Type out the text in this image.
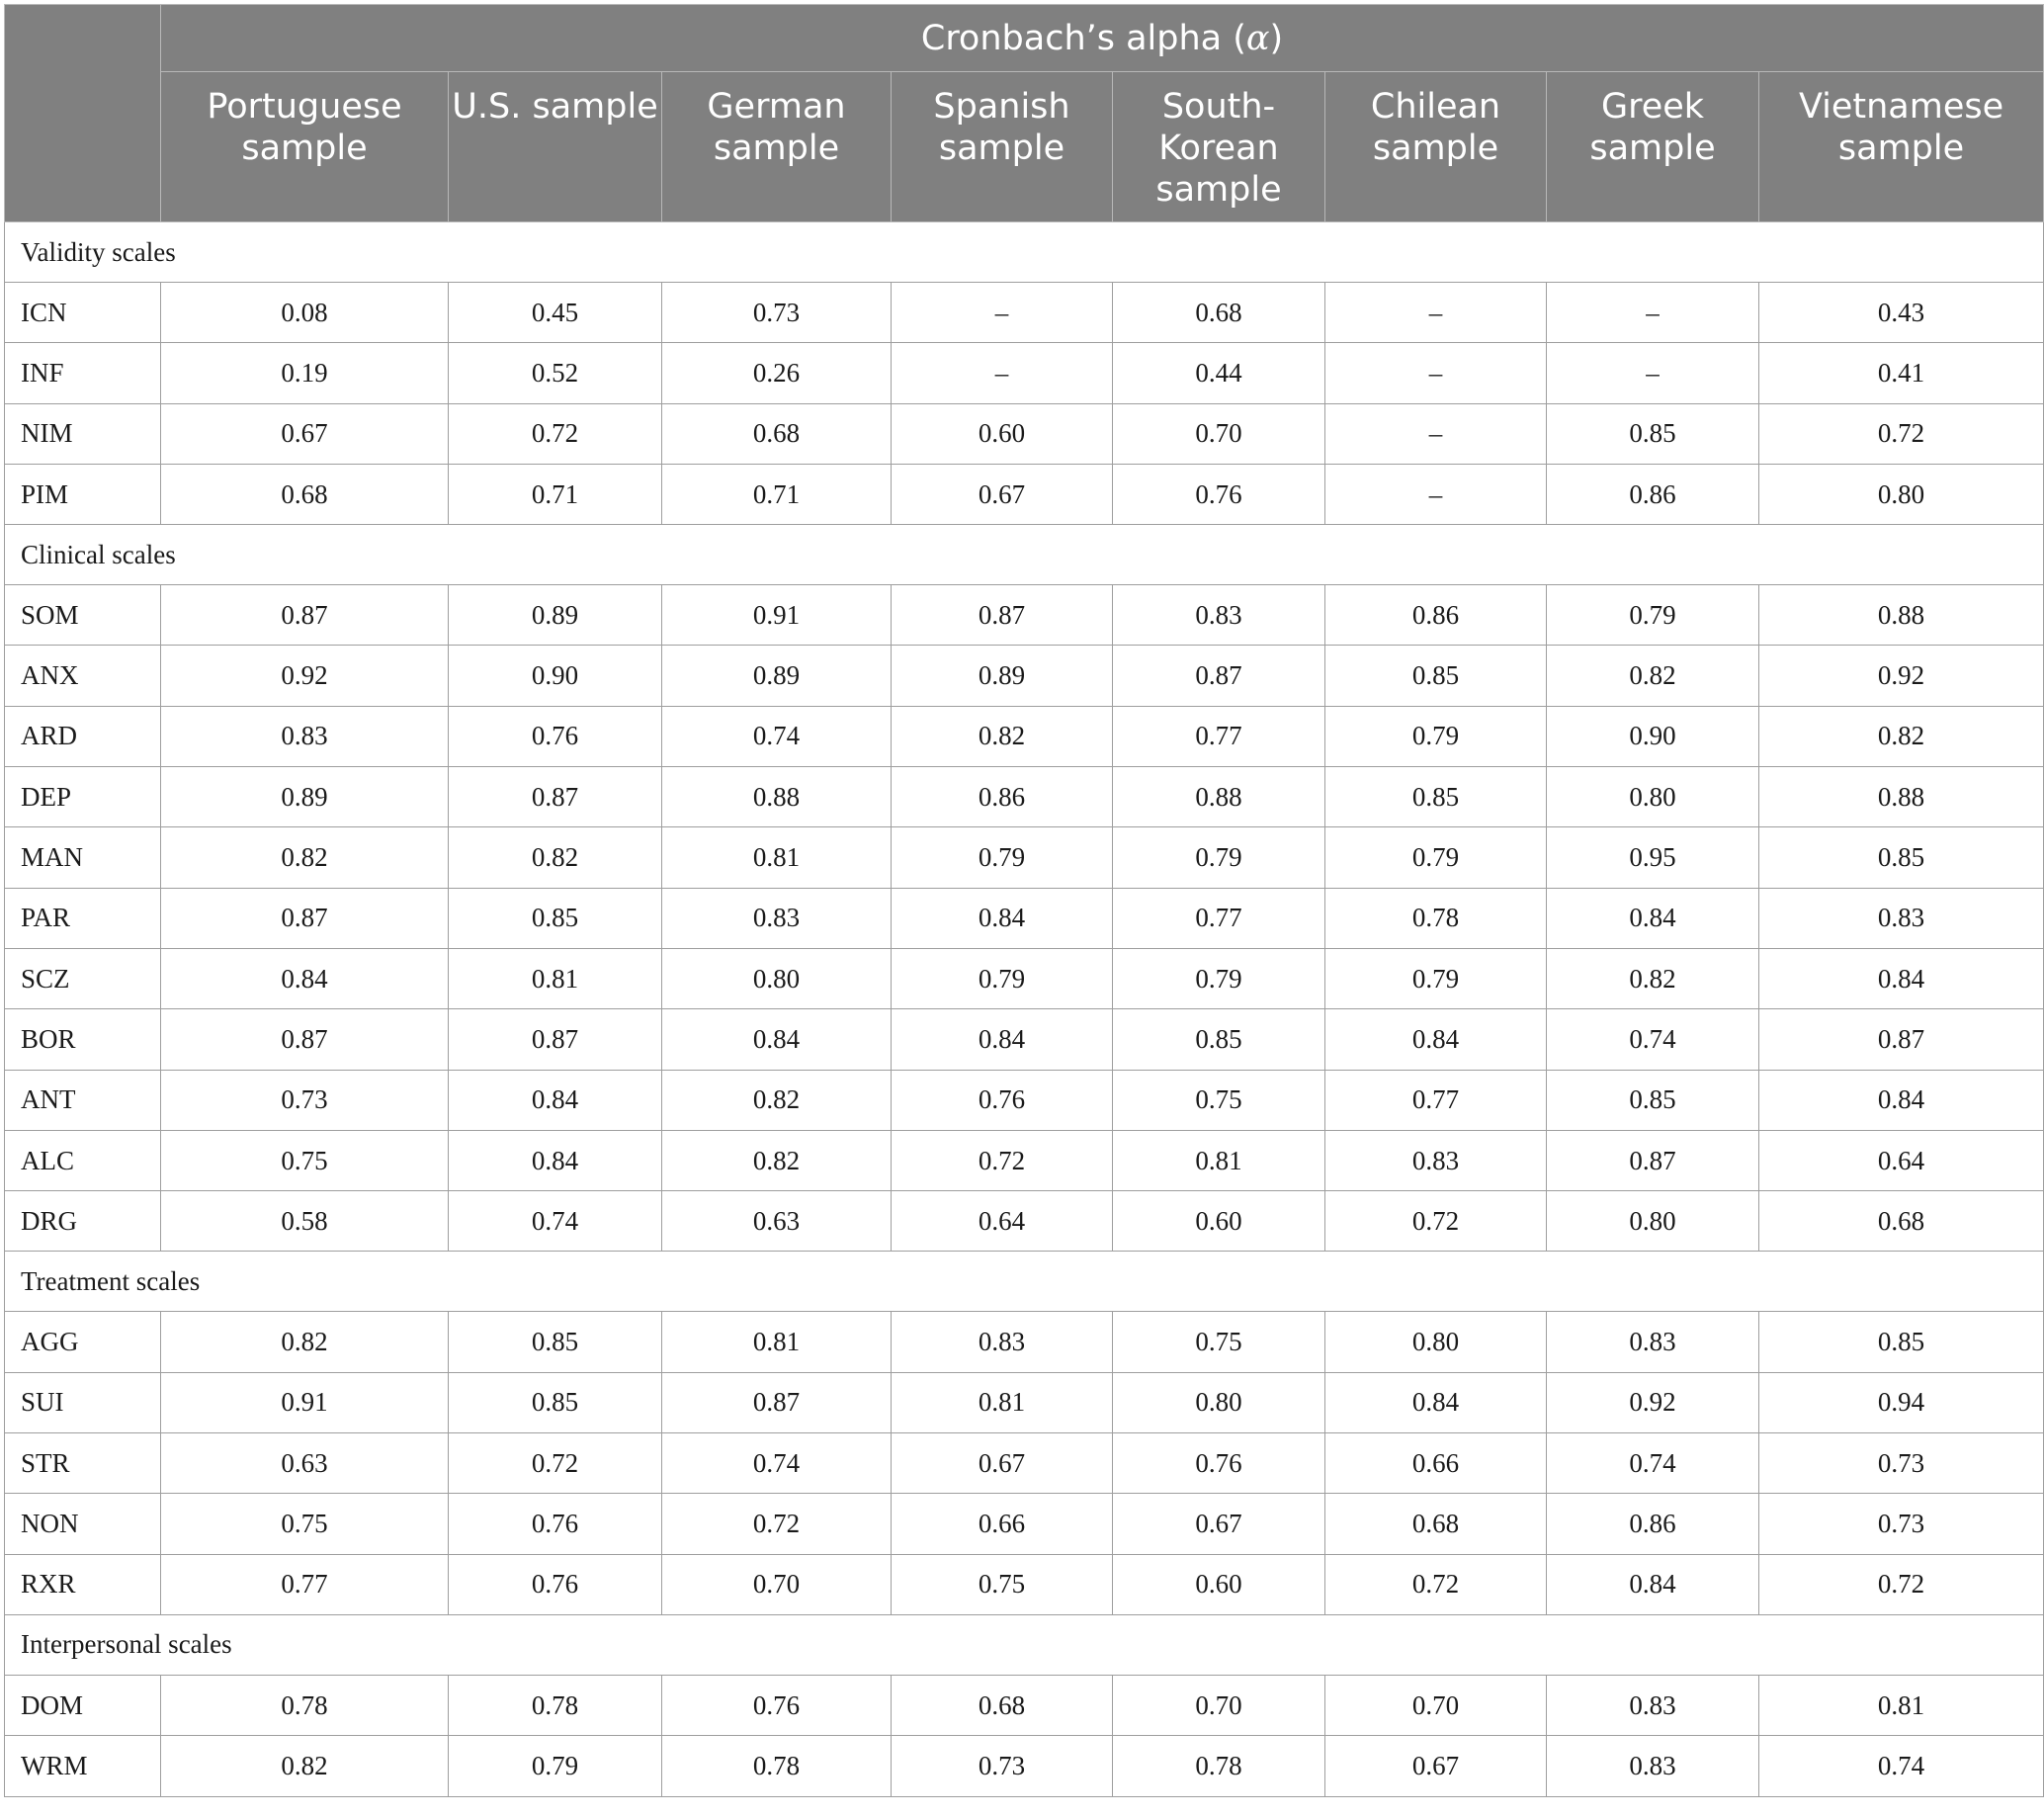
	Cronbach’s alpha (α)							
	Portuguese sample	U.S. sample	German sample	Spanish sample	South-Korean sample	Chilean sample	Greek sample	Vietnamese sample
Validity scales								
ICN	0.08	0.45	0.73	–	0.68	–	–	0.43
INF	0.19	0.52	0.26	–	0.44	–	–	0.41
NIM	0.67	0.72	0.68	0.60	0.70	–	0.85	0.72
PIM	0.68	0.71	0.71	0.67	0.76	–	0.86	0.80
Clinical scales								
SOM	0.87	0.89	0.91	0.87	0.83	0.86	0.79	0.88
ANX	0.92	0.90	0.89	0.89	0.87	0.85	0.82	0.92
ARD	0.83	0.76	0.74	0.82	0.77	0.79	0.90	0.82
DEP	0.89	0.87	0.88	0.86	0.88	0.85	0.80	0.88
MAN	0.82	0.82	0.81	0.79	0.79	0.79	0.95	0.85
PAR	0.87	0.85	0.83	0.84	0.77	0.78	0.84	0.83
SCZ	0.84	0.81	0.80	0.79	0.79	0.79	0.82	0.84
BOR	0.87	0.87	0.84	0.84	0.85	0.84	0.74	0.87
ANT	0.73	0.84	0.82	0.76	0.75	0.77	0.85	0.84
ALC	0.75	0.84	0.82	0.72	0.81	0.83	0.87	0.64
DRG	0.58	0.74	0.63	0.64	0.60	0.72	0.80	0.68
Treatment scales								
AGG	0.82	0.85	0.81	0.83	0.75	0.80	0.83	0.85
SUI	0.91	0.85	0.87	0.81	0.80	0.84	0.92	0.94
STR	0.63	0.72	0.74	0.67	0.76	0.66	0.74	0.73
NON	0.75	0.76	0.72	0.66	0.67	0.68	0.86	0.73
RXR	0.77	0.76	0.70	0.75	0.60	0.72	0.84	0.72
Interpersonal scales								
DOM	0.78	0.78	0.76	0.68	0.70	0.70	0.83	0.81
WRM	0.82	0.79	0.78	0.73	0.78	0.67	0.83	0.74
